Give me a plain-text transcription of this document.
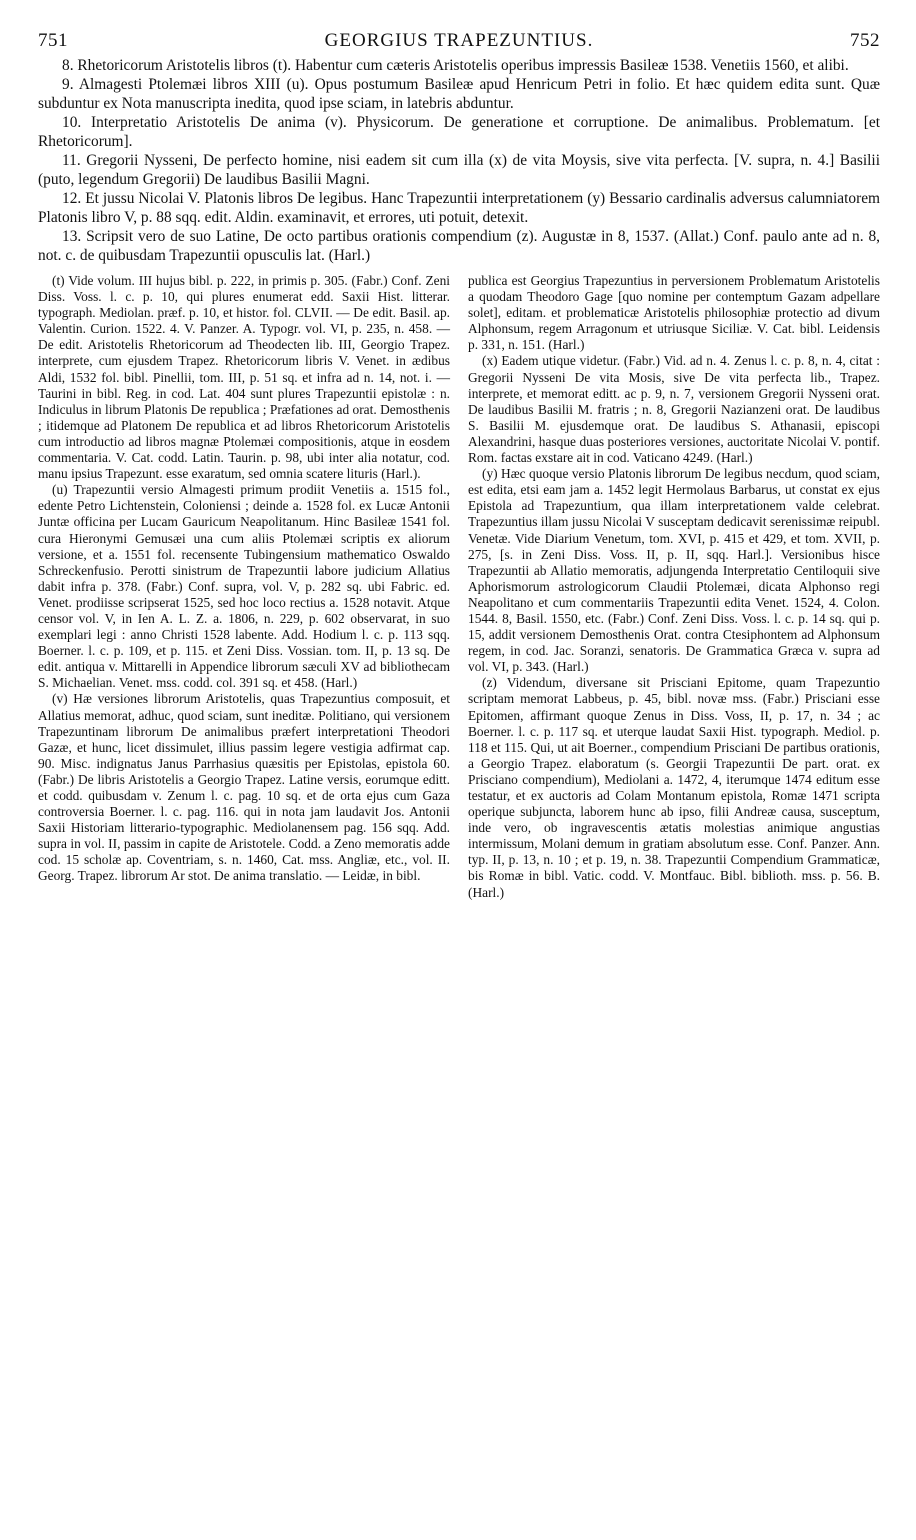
751	GEORGIUS TRAPEZUNTIUS.	752

8. Rhetoricorum Aristotelis libros (t). Habentur cum cæteris Aristotelis operibus impressis Basileæ 1538. Venetiis 1560, et alibi.

9. Almagesti Ptolemæi libros XIII (u). Opus postumum Basileæ apud Henricum Petri in folio. Et hæc quidem edita sunt. Quæ subduntur ex Nota manuscripta inedita, quod ipse sciam, in latebris abduntur.

10. Interpretatio Aristotelis De anima (v). Physicorum. De generatione et corruptione. De animalibus. Problematum. [et Rhetoricorum].

11. Gregorii Nysseni, De perfecto homine, nisi eadem sit cum illa (x) de vita Moysis, sive vita perfecta. [V. supra, n. 4.] Basilii (puto, legendum Gregorii) De laudibus Basilii Magni.

12. Et jussu Nicolai V. Platonis libros De legibus. Hanc Trapezuntii interpretationem (y) Bessario cardinalis adversus calumniatorem Platonis libro V, p. 88 sqq. edit. Aldin. examinavit, et errores, uti potuit, detexit.

13. Scripsit vero de suo Latine, De octo partibus orationis compendium (z). Augustæ in 8, 1537. (Allat.) Conf. paulo ante ad n. 8, not. c. de quibusdam Trapezuntii opusculis lat. (Harl.)

(t) Vide volum. III hujus bibl. p. 222, in primis p. 305. (Fabr.) Conf. Zeni Diss. Voss. l. c. p. 10, qui plures enumerat edd. Saxii Hist. litterar. typograph. Mediolan. præf. p. 10, et histor. fol. CLVII. — De edit. Basil. ap. Valentin. Curion. 1522. 4. V. Panzer. A. Typogr. vol. VI, p. 235, n. 458. — De edit. Aristotelis Rhetoricorum ad Theodecten lib. III, Georgio Trapez. interprete, cum ejusdem Trapez. Rhetoricorum libris V. Venet. in ædibus Aldi, 1532 fol. bibl. Pinellii, tom. III, p. 51 sq. et infra ad n. 14, not. i. — Taurini in bibl. Reg. in cod. Lat. 404 sunt plures Trapezuntii epistolæ : n. Indiculus in librum Platonis De republica ; Præfationes ad orat. Demosthenis ; itidemque ad Platonem De republica et ad libros Rhetoricorum Aristotelis cum introductio ad libros magnæ Ptolemæi compositionis, atque in eosdem commentaria. V. Cat. codd. Latin. Taurin. p. 98, ubi inter alia notatur, cod. manu ipsius Trapezunt. esse exaratum, sed omnia scatere lituris (Harl.).

(u) Trapezuntii versio Almagesti primum prodiit Venetiis a. 1515 fol., edente Petro Lichtenstein, Coloniensi ; deinde a. 1528 fol. ex Lucæ Antonii Juntæ officina per Lucam Gauricum Neapolitanum. Hinc Basileæ 1541 fol. cura Hieronymi Gemusæi una cum aliis Ptolemæi scriptis ex aliorum versione, et a. 1551 fol. recensente Tubingensium mathematico Oswaldo Schreckenfusio. Perotti sinistrum de Trapezuntii labore judicium Allatius dabit infra p. 378. (Fabr.) Conf. supra, vol. V, p. 282 sq. ubi Fabric. ed. Venet. prodiisse scripserat 1525, sed hoc loco rectius a. 1528 notavit. Atque censor vol. V, in Ien A. L. Z. a. 1806, n. 229, p. 602 observarat, in suo exemplari legi : anno Christi 1528 labente. Add. Hodium l. c. p. 113 sqq. Boerner. l. c. p. 109, et p. 115. et Zeni Diss. Vossian. tom. II, p. 13 sq. De edit. antiqua v. Mittarelli in Appendice librorum sæculi XV ad bibliothecam S. Michaelian. Venet. mss. codd. col. 391 sq. et 458. (Harl.)

(v) Hæ versiones librorum Aristotelis, quas Trapezuntius composuit, et Allatius memorat, adhuc, quod sciam, sunt ineditæ. Politiano, qui versionem Trapezuntinam librorum De animalibus præfert interpretationi Theodori Gazæ, et hunc, licet dissimulet, illius passim legere vestigia adfirmat cap. 90. Misc. indignatus Janus Parrhasius quæsitis per Epistolas, epistola 60. (Fabr.) De libris Aristotelis a Georgio Trapez. Latine versis, eorumque editt. et codd. quibusdam v. Zenum l. c. pag. 10 sq. et de orta ejus cum Gaza controversia Boerner. l. c. pag. 116. qui in nota jam laudavit Jos. Antonii Saxii Historiam litterario-typographic. Mediolanensem pag. 156 sqq. Add. supra in vol. II, passim in capite de Aristotele. Codd. a Zeno memoratis adde cod. 15 scholæ ap. Coventriam, s. n. 1460, Cat. mss. Angliæ, etc., vol. II. Georg. Trapez. librorum Ar stot. De anima translatio. — Leidæ, in bibl.

publica est Georgius Trapezuntius in perversionem Problematum Aristotelis a quodam Theodoro Gage [quo nomine per contemptum Gazam adpellare solet], editam. et problematicæ Aristotelis philosophiæ protectio ad divum Alphonsum, regem Arragonum et utriusque Siciliæ. V. Cat. bibl. Leidensis p. 331, n. 151. (Harl.)

(x) Eadem utique videtur. (Fabr.) Vid. ad n. 4. Zenus l. c. p. 8, n. 4, citat : Gregorii Nysseni De vita Mosis, sive De vita perfecta lib., Trapez. interprete, et memorat editt. ac p. 9, n. 7, versionem Gregorii Nysseni orat. De laudibus Basilii M. fratris ; n. 8, Gregorii Nazianzeni orat. De laudibus S. Basilii M. ejusdemque orat. De laudibus S. Athanasii, episcopi Alexandrini, hasque duas posteriores versiones, auctoritate Nicolai V. pontif. Rom. factas exstare ait in cod. Vaticano 4249. (Harl.)

(y) Hæc quoque versio Platonis librorum De legibus necdum, quod sciam, est edita, etsi eam jam a. 1452 legit Hermolaus Barbarus, ut constat ex ejus Epistola ad Trapezuntium, qua illam interpretationem valde celebrat. Trapezuntius illam jussu Nicolai V susceptam dedicavit serenissimæ reipubl. Venetæ. Vide Diarium Venetum, tom. XVI, p. 415 et 429, et tom. XVII, p. 275, [s. in Zeni Diss. Voss. II, p. II, sqq. Harl.]. Versionibus hisce Trapezuntii ab Allatio memoratis, adjungenda Interpretatio Centiloquii sive Aphorismorum astrologicorum Claudii Ptolemæi, dicata Alphonso regi Neapolitano et cum commentariis Trapezuntii edita Venet. 1524, 4. Colon. 1544. 8, Basil. 1550, etc. (Fabr.) Conf. Zeni Diss. Voss. l. c. p. 14 sq. qui p. 15, addit versionem Demosthenis Orat. contra Ctesiphontem ad Alphonsum regem, in cod. Jac. Soranzi, senatoris. De Grammatica Græca v. supra ad vol. VI, p. 343. (Harl.)

(z) Videndum, diversane sit Prisciani Epitome, quam Trapezuntio scriptam memorat Labbeus, p. 45, bibl. novæ mss. (Fabr.) Prisciani esse Epitomen, affirmant quoque Zenus in Diss. Voss, II, p. 17, n. 34 ; ac Boerner. l. c. p. 117 sq. et uterque laudat Saxii Hist. typograph. Mediol. p. 118 et 115. Qui, ut ait Boerner., compendium Prisciani De partibus orationis, a Georgio Trapez. elaboratum (s. Georgii Trapezuntii De part. orat. ex Prisciano compendium), Mediolani a. 1472, 4, iterumque 1474 editum esse testatur, et ex auctoris ad Colam Montanum epistola, Romæ 1471 scripta operique subjuncta, laborem hunc ab ipso, filii Andreæ causa, susceptum, inde vero, ob ingravescentis ætatis molestias animique angustias intermissum, Molani demum in gratiam absolutum esse. Conf. Panzer. Ann. typ. II, p. 13, n. 10 ; et p. 19, n. 38. Trapezuntii Compendium Grammaticæ, bis Romæ in bibl. Vatic. codd. V. Montfauc. Bibl. biblioth. mss. p. 56. B. (Harl.)
